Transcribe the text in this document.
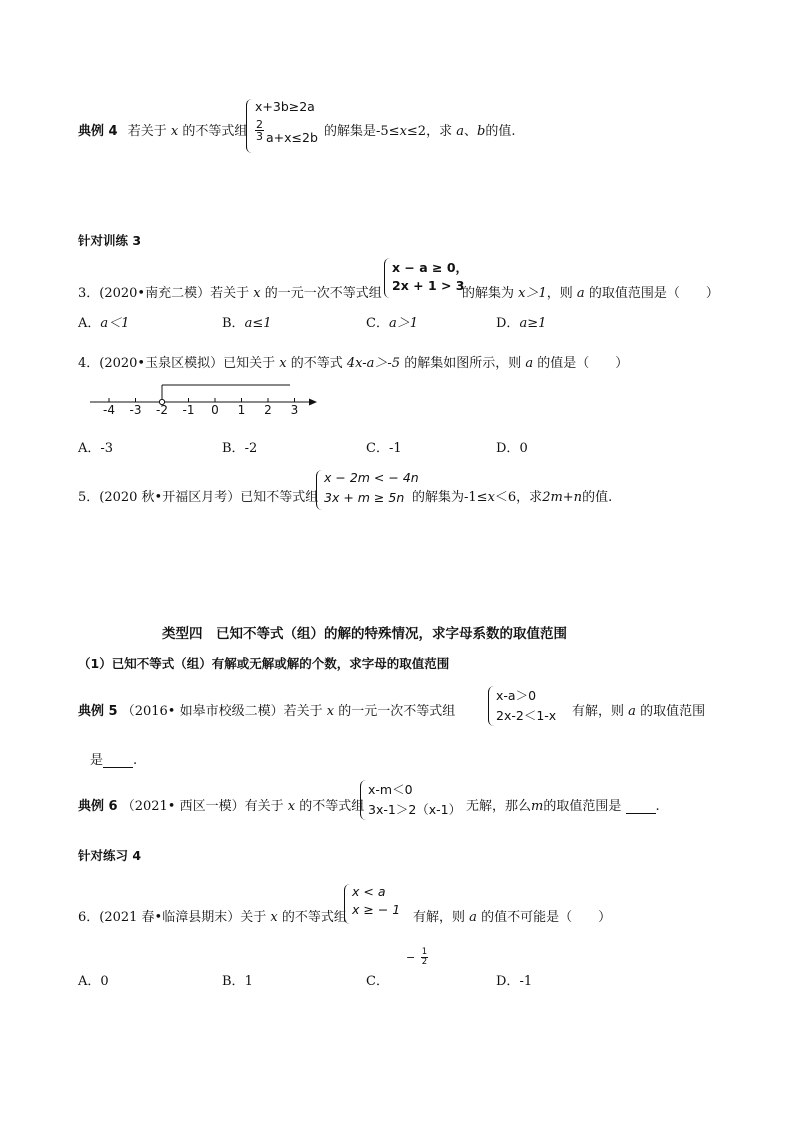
典例 4 若关于 x 的不等式组
x+3b≥2a
2
3 a+x≤2b 的解集是-5≤x≤2，求 a、b的值.
针对训练 3
3．(2020•南充二模）若关于 x 的一元一次不等式组
x − a ≥ 0，
2x + 1 > 3
的解集为 x＞1，则 a 的取值范围是（　　）
A．a＜1	B．a≤1	C．a＞1	D．a≥1
4．(2020•玉泉区模拟）已知关于 x 的不等式 4x-a＞-5 的解集如图所示，则 a 的值是（　　）
-4 -3 -2 -1	0	1	2	3
A．-3	B．-2	C．-1	D．0
5．(2020 秋•开福区月考）已知不等式组
x − 2m < − 4n
3x + m ≥ 5n 的解集为-1≤x＜6，求2m+n的值.
类型四　已知不等式（组）的解的特殊情况，求字母系数的取值范围
（1）已知不等式（组）有解或无解或解的个数，求字母的取值范围
典例 5 （2016• 如皋市校级二模）若关于 x 的一元一次不等式组
x-a＞0
2x-2＜1-x 有解，则 a 的取值范围
是 .
典例 6 （2021• 西区一模）有关于 x 的不等式组
x-m＜0
3x-1＞2（x-1） 无解，那么m的取值范围是	.
针对练习 4
6．(2021 春•临漳县期末）关于 x 的不等式组
x < a
x ≥ − 1
有解，则 a 的值不可能是（　　）
A．0	B．1	C．	D．-1
− $\frac{1}{2}$
